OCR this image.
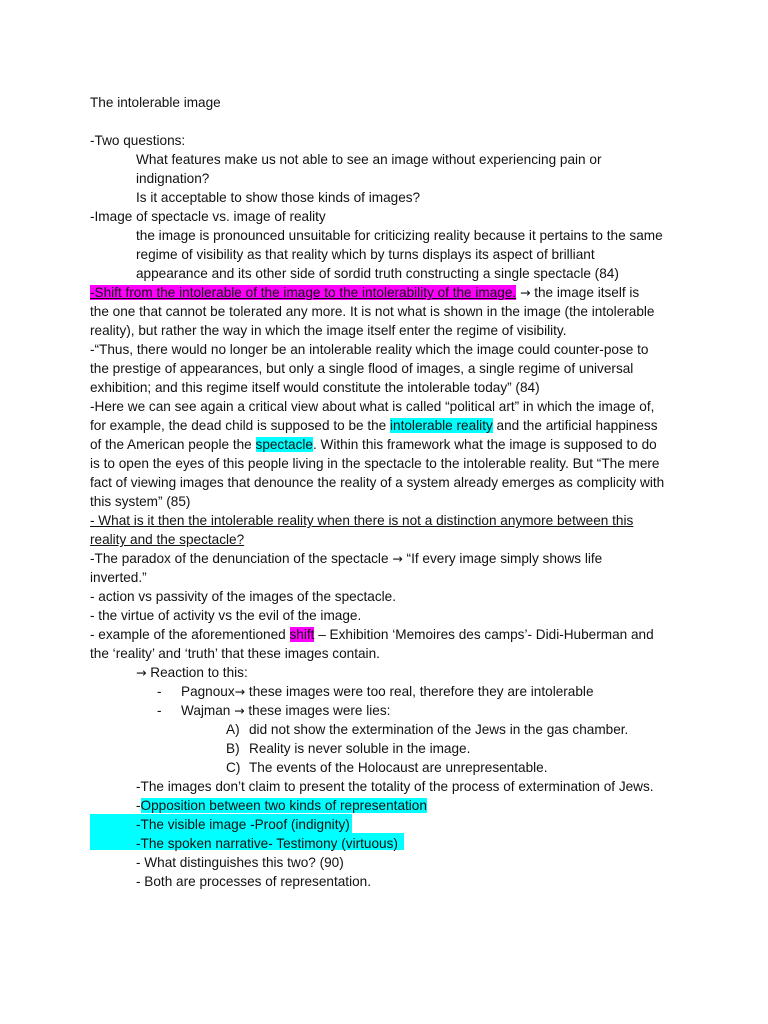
The intolerable image
-Two questions:
What features make us not able to see an image without experiencing pain or
indignation?
Is it acceptable to show those kinds of images?
-Image of spectacle vs. image of reality
the image is pronounced unsuitable for criticizing reality because it pertains to the same
regime of visibility as that reality which by turns displays its aspect of brilliant
appearance and its other side of sordid truth constructing a single spectacle (84)
-Shift from the intolerable of the image to the intolerability of the image. → the image itself is
the one that cannot be tolerated any more. It is not what is shown in the image (the intolerable
reality), but rather the way in which the image itself enter the regime of visibility.
-“Thus, there would no longer be an intolerable reality which the image could counter-pose to
the prestige of appearances, but only a single flood of images, a single regime of universal
exhibition; and this regime itself would constitute the intolerable today” (84)
-Here we can see again a critical view about what is called “political art” in which the image of,
for example, the dead child is supposed to be the intolerable reality and the artificial happiness
of the American people the spectacle. Within this framework what the image is supposed to do
is to open the eyes of this people living in the spectacle to the intolerable reality. But “The mere
fact of viewing images that denounce the reality of a system already emerges as complicity with
this system” (85)
- What is it then the intolerable reality when there is not a distinction anymore between this
reality and the spectacle?
-The paradox of the denunciation of the spectacle → “If every image simply shows life
inverted.”
- action vs passivity of the images of the spectacle.
- the virtue of activity vs the evil of the image.
- example of the aforementioned shift – Exhibition ‘Memoires des camps’- Didi-Huberman and
the ‘reality’ and ‘truth’ that these images contain.
→ Reaction to this:
- Pagnoux→ these images were too real, therefore they are intolerable
- Wajman → these images were lies:
A) did not show the extermination of the Jews in the gas chamber.
B) Reality is never soluble in the image.
C) The events of the Holocaust are unrepresentable.
-The images don’t claim to present the totality of the process of extermination of Jews.
-Opposition between two kinds of representation
-The visible image -Proof (indignity)
-The spoken narrative- Testimony (virtuous)
- What distinguishes this two? (90)
- Both are processes of representation.
